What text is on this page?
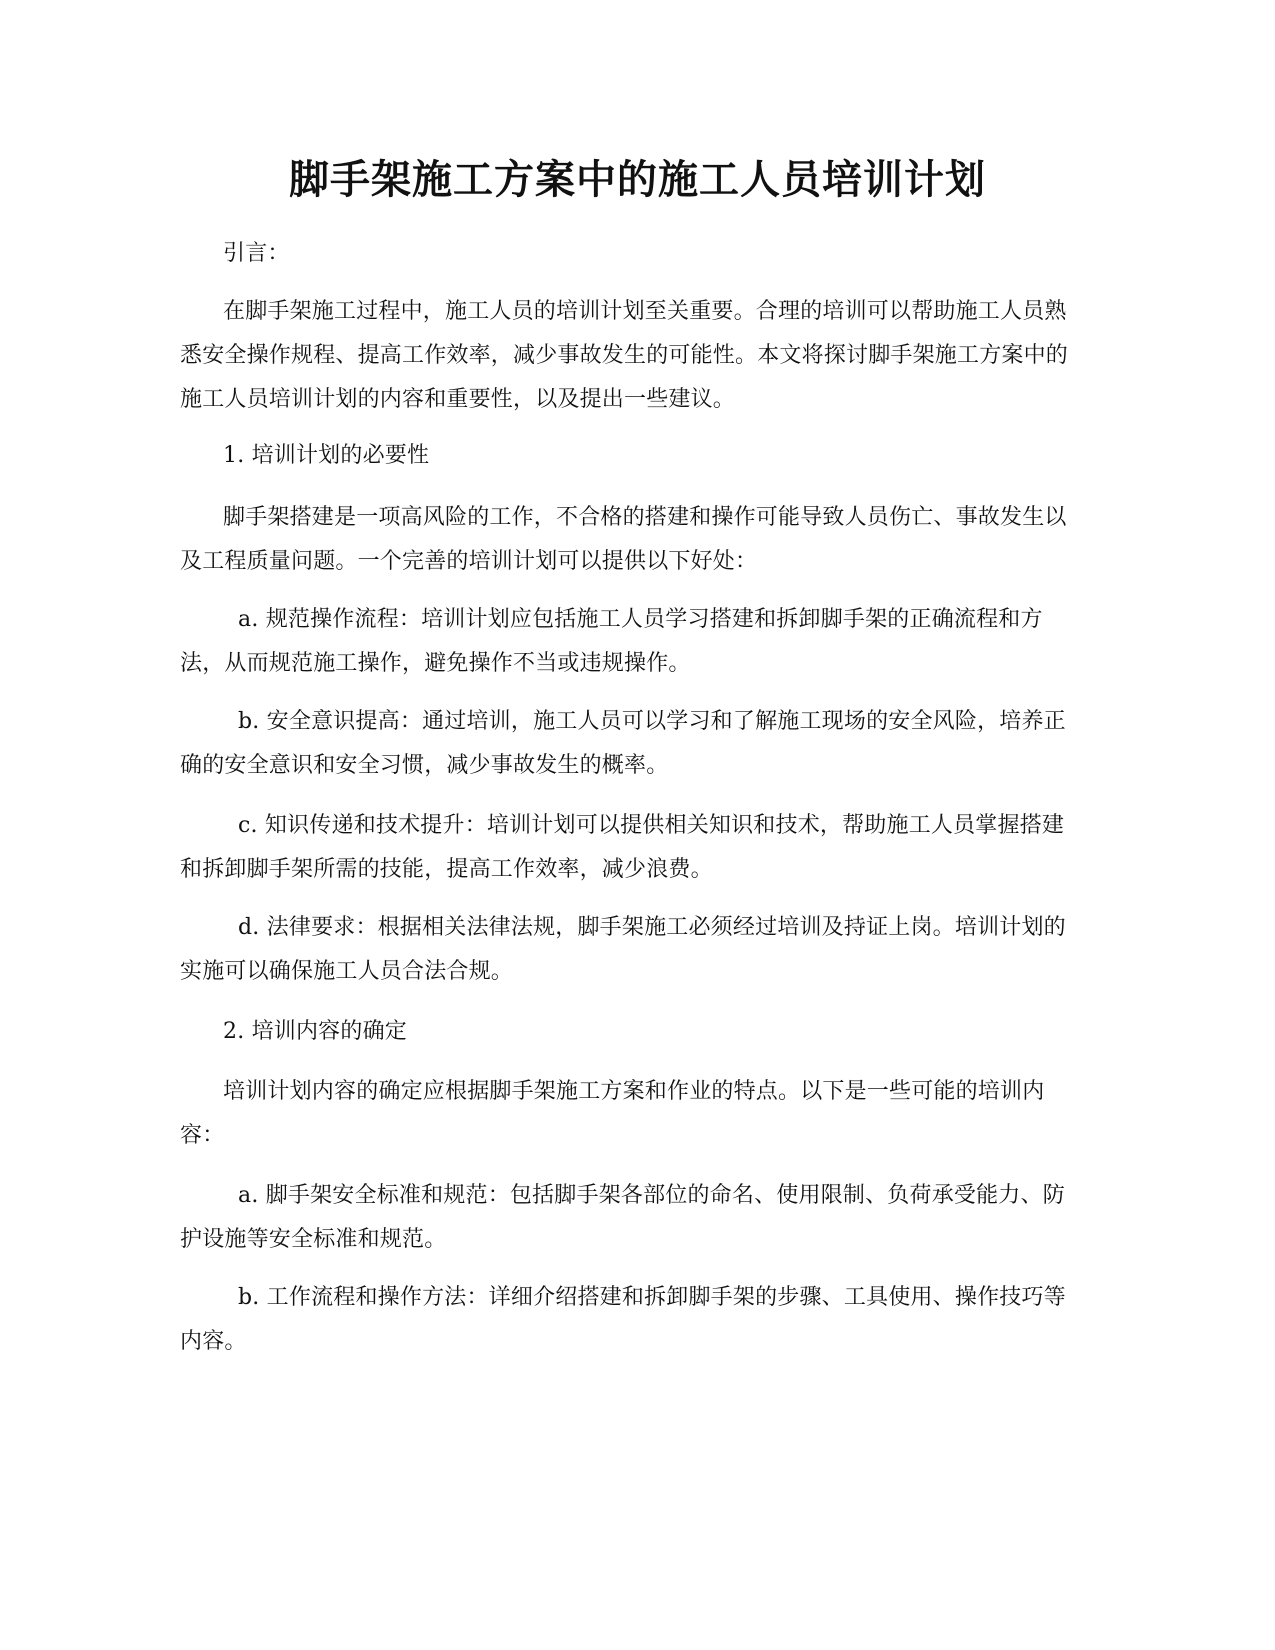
脚手架施工方案中的施工人员培训计划

引言：

在脚手架施工过程中，施工人员的培训计划至关重要。合理的培训可以帮助施工人员熟悉安全操作规程、提高工作效率，减少事故发生的可能性。本文将探讨脚手架施工方案中的施工人员培训计划的内容和重要性，以及提出一些建议。

1. 培训计划的必要性

脚手架搭建是一项高风险的工作，不合格的搭建和操作可能导致人员伤亡、事故发生以及工程质量问题。一个完善的培训计划可以提供以下好处：

a. 规范操作流程：培训计划应包括施工人员学习搭建和拆卸脚手架的正确流程和方法，从而规范施工操作，避免操作不当或违规操作。

b. 安全意识提高：通过培训，施工人员可以学习和了解施工现场的安全风险，培养正确的安全意识和安全习惯，减少事故发生的概率。

c. 知识传递和技术提升：培训计划可以提供相关知识和技术，帮助施工人员掌握搭建和拆卸脚手架所需的技能，提高工作效率，减少浪费。

d. 法律要求：根据相关法律法规，脚手架施工必须经过培训及持证上岗。培训计划的实施可以确保施工人员合法合规。

2. 培训内容的确定

培训计划内容的确定应根据脚手架施工方案和作业的特点。以下是一些可能的培训内容：

a. 脚手架安全标准和规范：包括脚手架各部位的命名、使用限制、负荷承受能力、防护设施等安全标准和规范。

b. 工作流程和操作方法：详细介绍搭建和拆卸脚手架的步骤、工具使用、操作技巧等内容。
